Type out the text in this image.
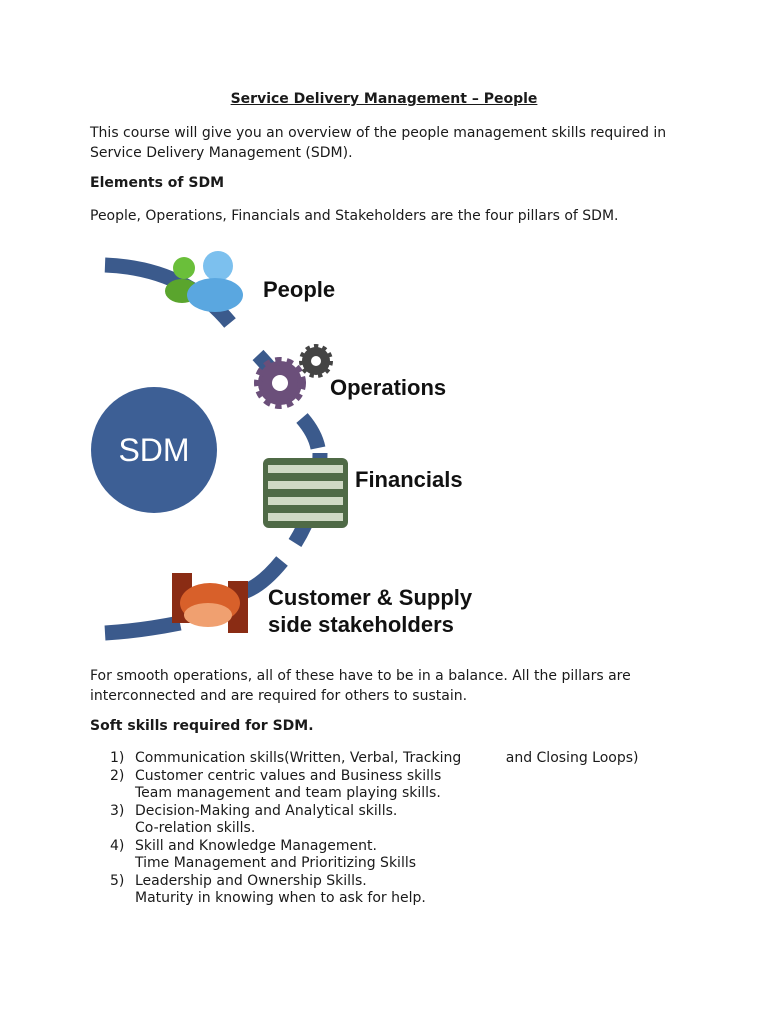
Service Delivery Management – People

This course will give you an overview of the people management skills required in Service Delivery Management (SDM).

Elements of SDM

People, Operations, Financials and Stakeholders are the four pillars of SDM.

SDM
People
Operations
Financials
Customer & Supply
side stakeholders

For smooth operations, all of these have to be in a balance. All the pillars are interconnected and are required for others to sustain.

Soft skills required for SDM.
1) Communication skills(Written, Verbal, Tracking          and Closing Loops)
2) Customer centric values and Business skills
Team management and team playing skills.
3) Decision-Making and Analytical skills.
Co-relation skills.
4) Skill and Knowledge Management.
Time Management and Prioritizing Skills
5) Leadership and Ownership Skills.
Maturity in knowing when to ask for help.
